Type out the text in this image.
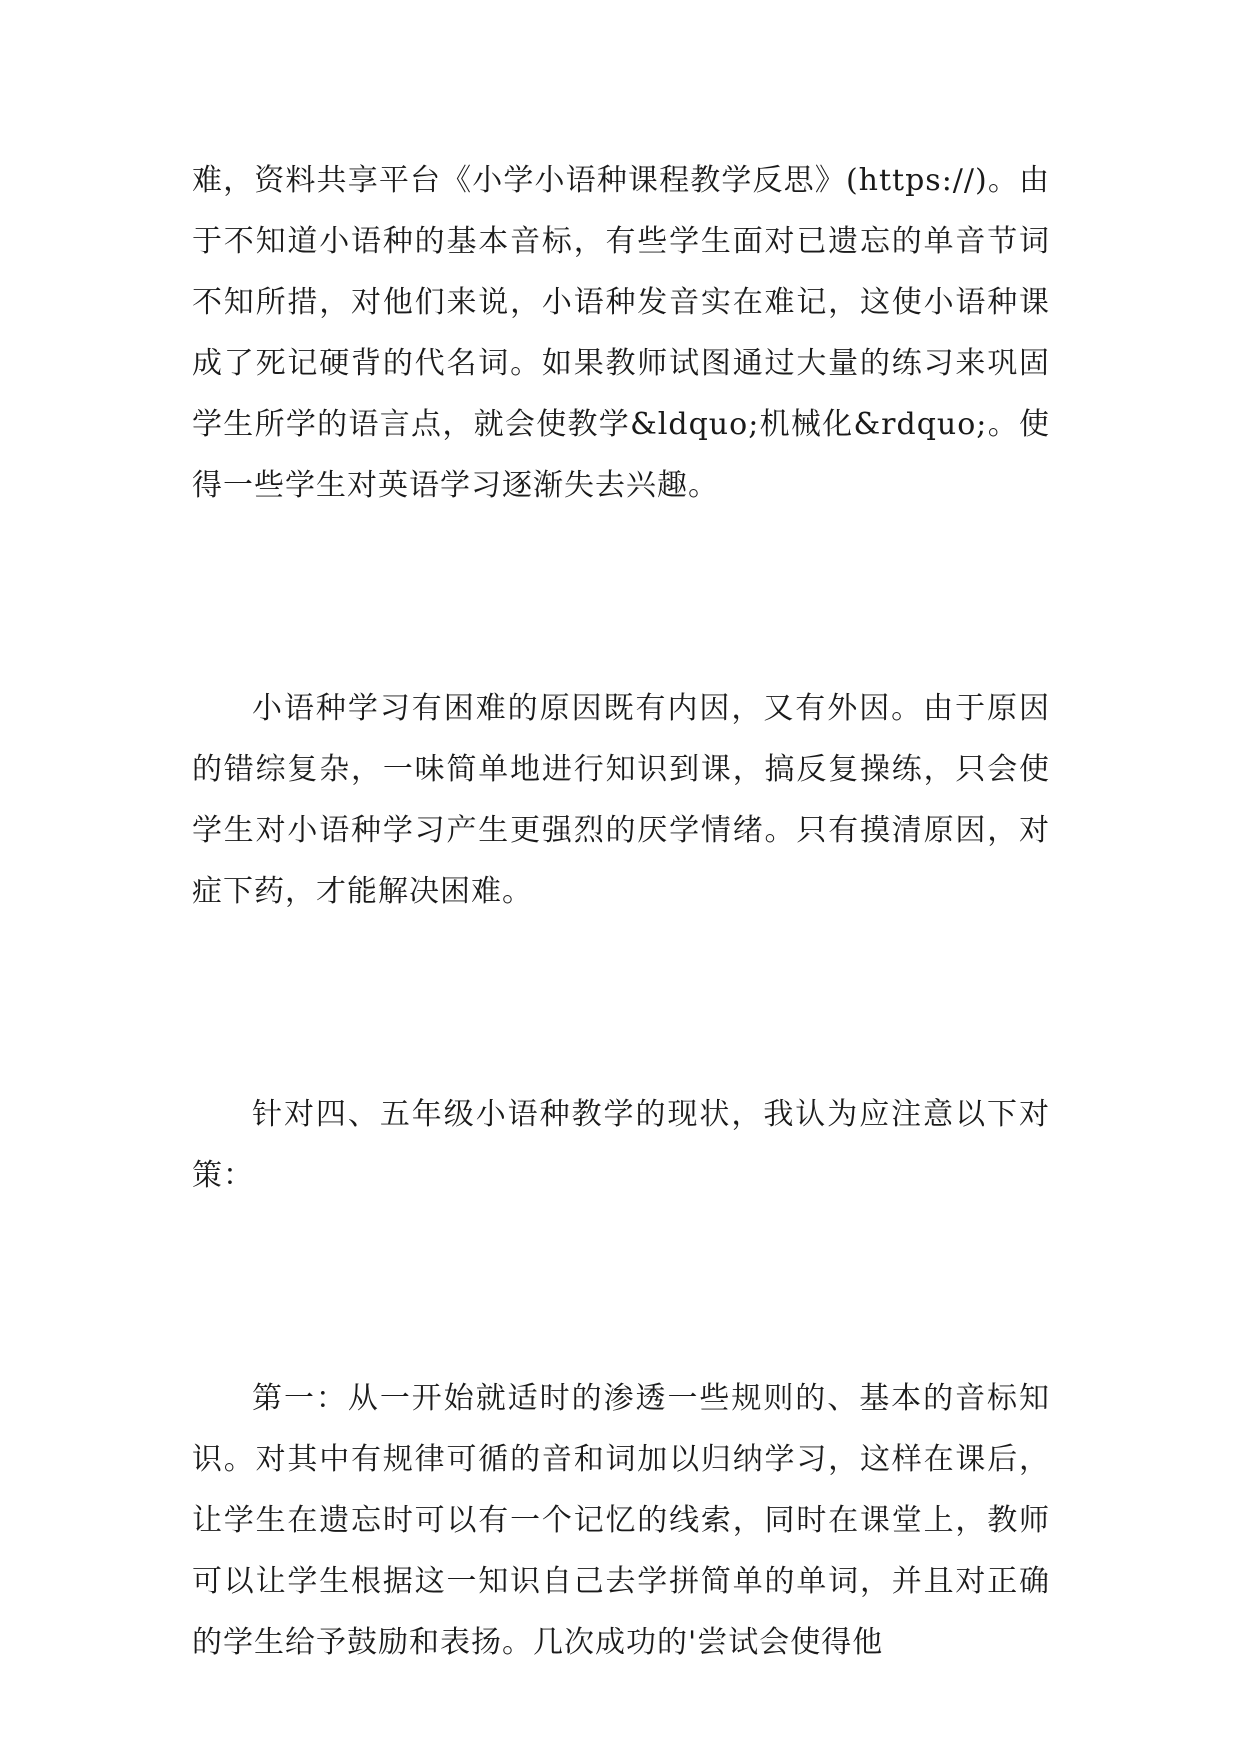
难，资料共享平台《小学小语种课程教学反思》(https://)。由于不知道小语种的基本音标，有些学生面对已遗忘的单音节词不知所措，对他们来说，小语种发音实在难记，这使小语种课成了死记硬背的代名词。如果教师试图通过大量的练习来巩固学生所学的语言点，就会使教学&ldquo;机械化&rdquo;。使得一些学生对英语学习逐渐失去兴趣。

小语种学习有困难的原因既有内因，又有外因。由于原因的错综复杂，一味简单地进行知识到课，搞反复操练，只会使学生对小语种学习产生更强烈的厌学情绪。只有摸清原因，对症下药，才能解决困难。

针对四、五年级小语种教学的现状，我认为应注意以下对策：

第一：从一开始就适时的渗透一些规则的、基本的音标知识。对其中有规律可循的音和词加以归纳学习，这样在课后，让学生在遗忘时可以有一个记忆的线索，同时在课堂上，教师可以让学生根据这一知识自己去学拼简单的单词，并且对正确的学生给予鼓励和表扬。几次成功的'尝试会使得他
